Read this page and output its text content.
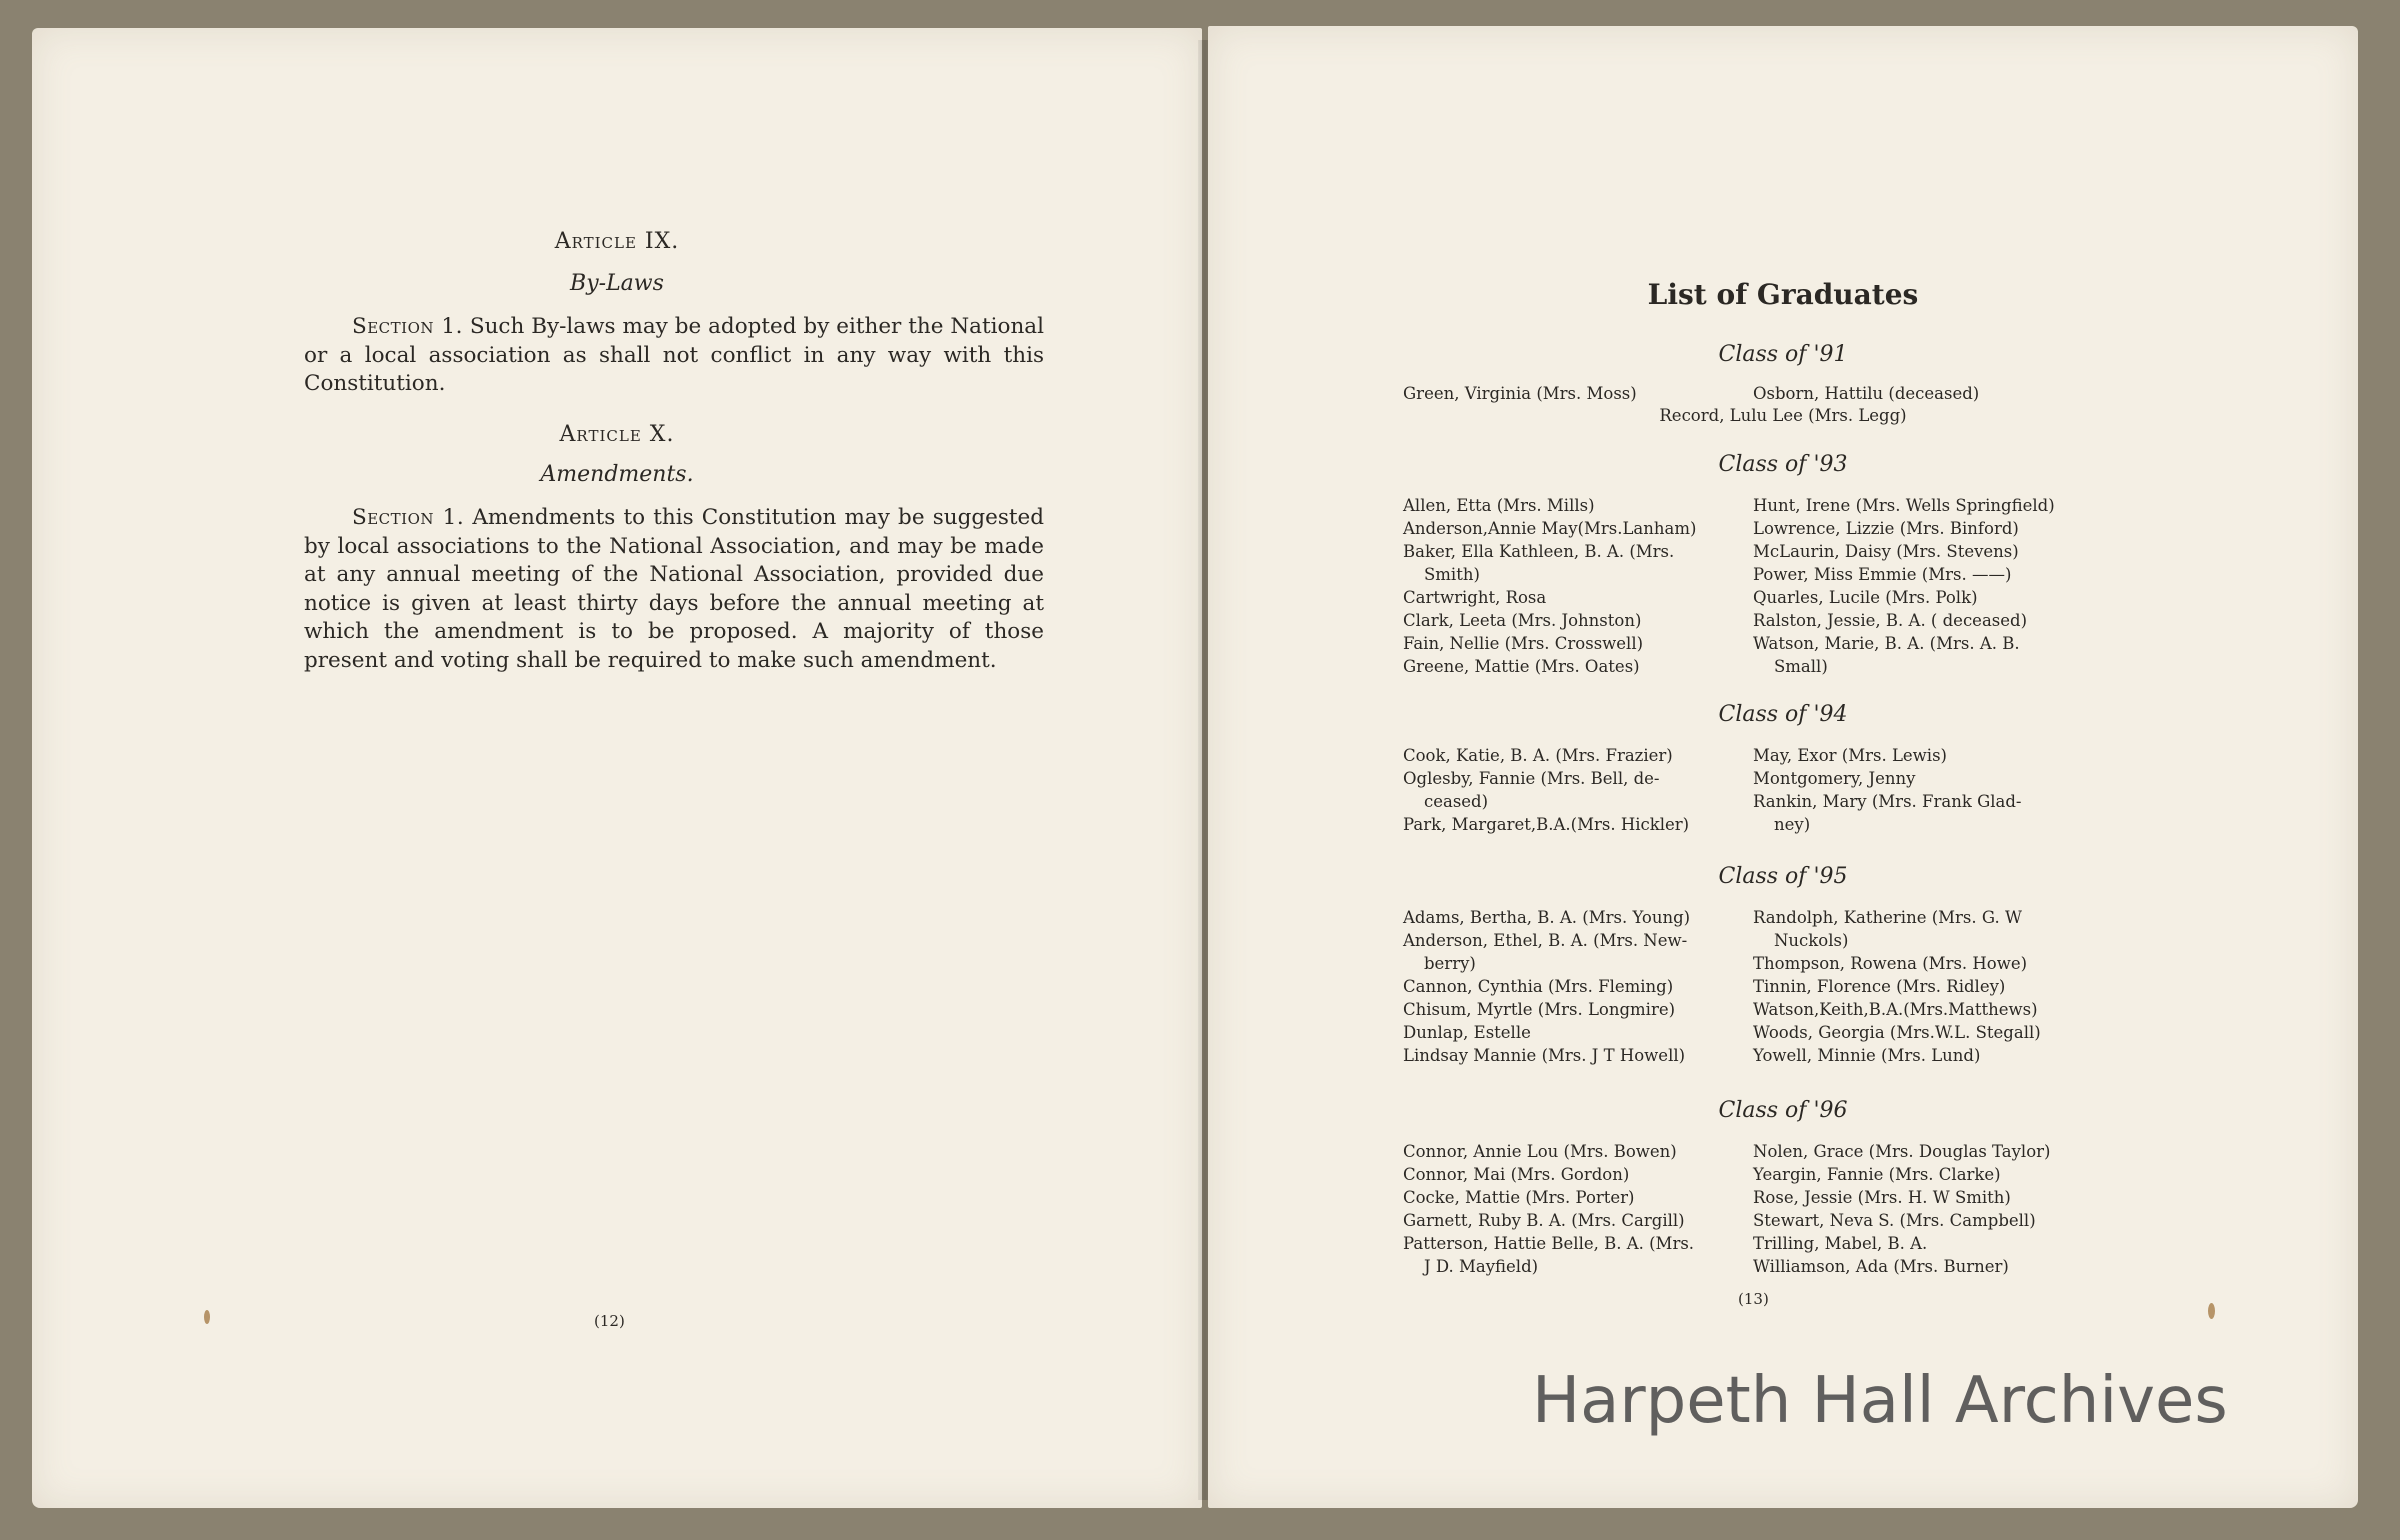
Article IX.
By-Laws
Section 1. Such By-laws may be adopted by either the National or a local association as shall not conflict in any way with this Constitution.
Article X.
Amendments.
Section 1. Amendments to this Constitution may be suggested by local associations to the National Association, and may be made at any annual meeting of the National Association, provided due notice is given at least thirty days before the annual meeting at which the amendment is to be proposed. A majority of those present and voting shall be required to make such amendment.
(12)
List of Graduates
Class of '91
Green, Virginia (Mrs. Moss)	Osborn, Hattilu (deceased)
Record, Lulu Lee (Mrs. Legg)
Class of '93
Allen, Etta (Mrs. Mills)
Anderson,Annie May(Mrs.Lanham)
Baker, Ella Kathleen, B. A. (Mrs.
Smith)
Cartwright, Rosa
Clark, Leeta (Mrs. Johnston)
Fain, Nellie (Mrs. Crosswell)
Greene, Mattie (Mrs. Oates)
Hunt, Irene (Mrs. Wells Springfield)
Lowrence, Lizzie (Mrs. Binford)
McLaurin, Daisy (Mrs. Stevens)
Power, Miss Emmie (Mrs. ——)
Quarles, Lucile (Mrs. Polk)
Ralston, Jessie, B. A. ( deceased)
Watson, Marie, B. A. (Mrs. A. B.
Small)
Class of '94
Cook, Katie, B. A. (Mrs. Frazier)
Oglesby, Fannie (Mrs. Bell, de-
ceased)
Park, Margaret,B.A.(Mrs. Hickler)
May, Exor (Mrs. Lewis)
Montgomery, Jenny
Rankin, Mary (Mrs. Frank Glad-
ney)
Class of '95
Adams, Bertha, B. A. (Mrs. Young)
Anderson, Ethel, B. A. (Mrs. New-
berry)
Cannon, Cynthia (Mrs. Fleming)
Chisum, Myrtle (Mrs. Longmire)
Dunlap, Estelle
Lindsay Mannie (Mrs. J T Howell)
Randolph, Katherine (Mrs. G. W
Nuckols)
Thompson, Rowena (Mrs. Howe)
Tinnin, Florence (Mrs. Ridley)
Watson,Keith,B.A.(Mrs.Matthews)
Woods, Georgia (Mrs.W.L. Stegall)
Yowell, Minnie (Mrs. Lund)
Class of '96
Connor, Annie Lou (Mrs. Bowen)
Connor, Mai (Mrs. Gordon)
Cocke, Mattie (Mrs. Porter)
Garnett, Ruby B. A. (Mrs. Cargill)
Patterson, Hattie Belle, B. A. (Mrs.
J D. Mayfield)
Nolen, Grace (Mrs. Douglas Taylor)
Yeargin, Fannie (Mrs. Clarke)
Rose, Jessie (Mrs. H. W Smith)
Stewart, Neva S. (Mrs. Campbell)
Trilling, Mabel, B. A.
Williamson, Ada (Mrs. Burner)
(13)
Harpeth Hall Archives
